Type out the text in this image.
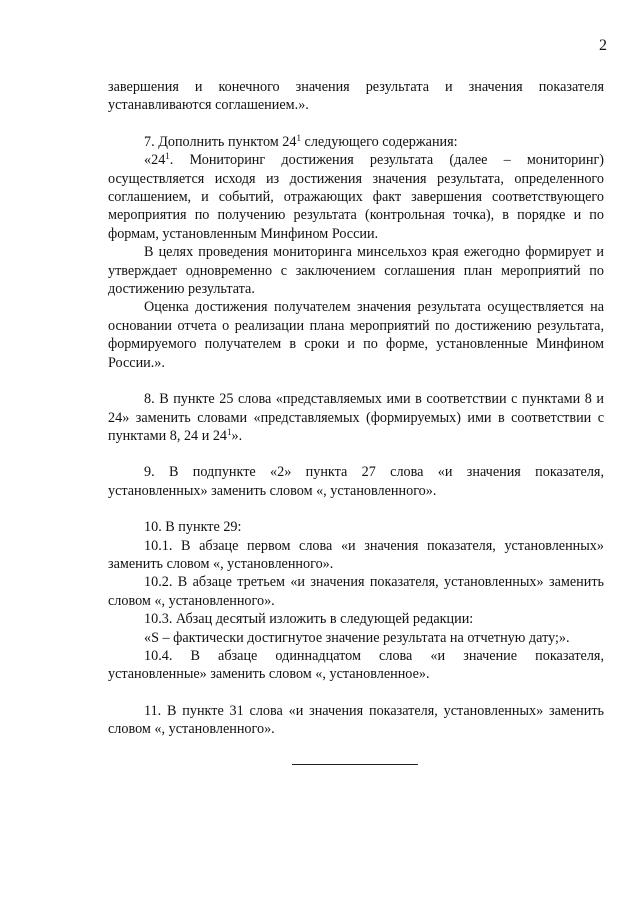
2

завершения и конечного значения результата и значения показателя устанавливаются соглашением.».

7. Дополнить пунктом $24^1$ следующего содержания:

«$24^1$. Мониторинг достижения результата (далее – мониторинг) осуществляется исходя из достижения значения результата, определенного соглашением, и событий, отражающих факт завершения соответствующего мероприятия по получению результата (контрольная точка), в порядке и по формам, установленным Минфином России.

В целях проведения мониторинга минсельхоз края ежегодно формирует и утверждает одновременно с заключением соглашения план мероприятий по достижению результата.

Оценка достижения получателем значения результата осуществляется на основании отчета о реализации плана мероприятий по достижению результата, формируемого получателем в сроки и по форме, установленные Минфином России.».

8. В пункте 25 слова «представляемых ими в соответствии с пунктами 8 и 24» заменить словами «представляемых (формируемых) ими в соответствии с пунктами 8, 24 и $24^1$».

9. В подпункте «2» пункта 27 слова «и значения показателя, установленных» заменить словом «, установленного».

10. В пункте 29:

10.1. В абзаце первом слова «и значения показателя, установленных» заменить словом «, установленного».

10.2. В абзаце третьем «и значения показателя, установленных» заменить словом «, установленного».

10.3. Абзац десятый изложить в следующей редакции:

«S – фактически достигнутое значение результата на отчетную дату;».

10.4. В абзаце одиннадцатом слова «и значение показателя, установленные» заменить словом «, установленное».

11. В пункте 31 слова «и значения показателя, установленных» заменить словом «, установленного».
